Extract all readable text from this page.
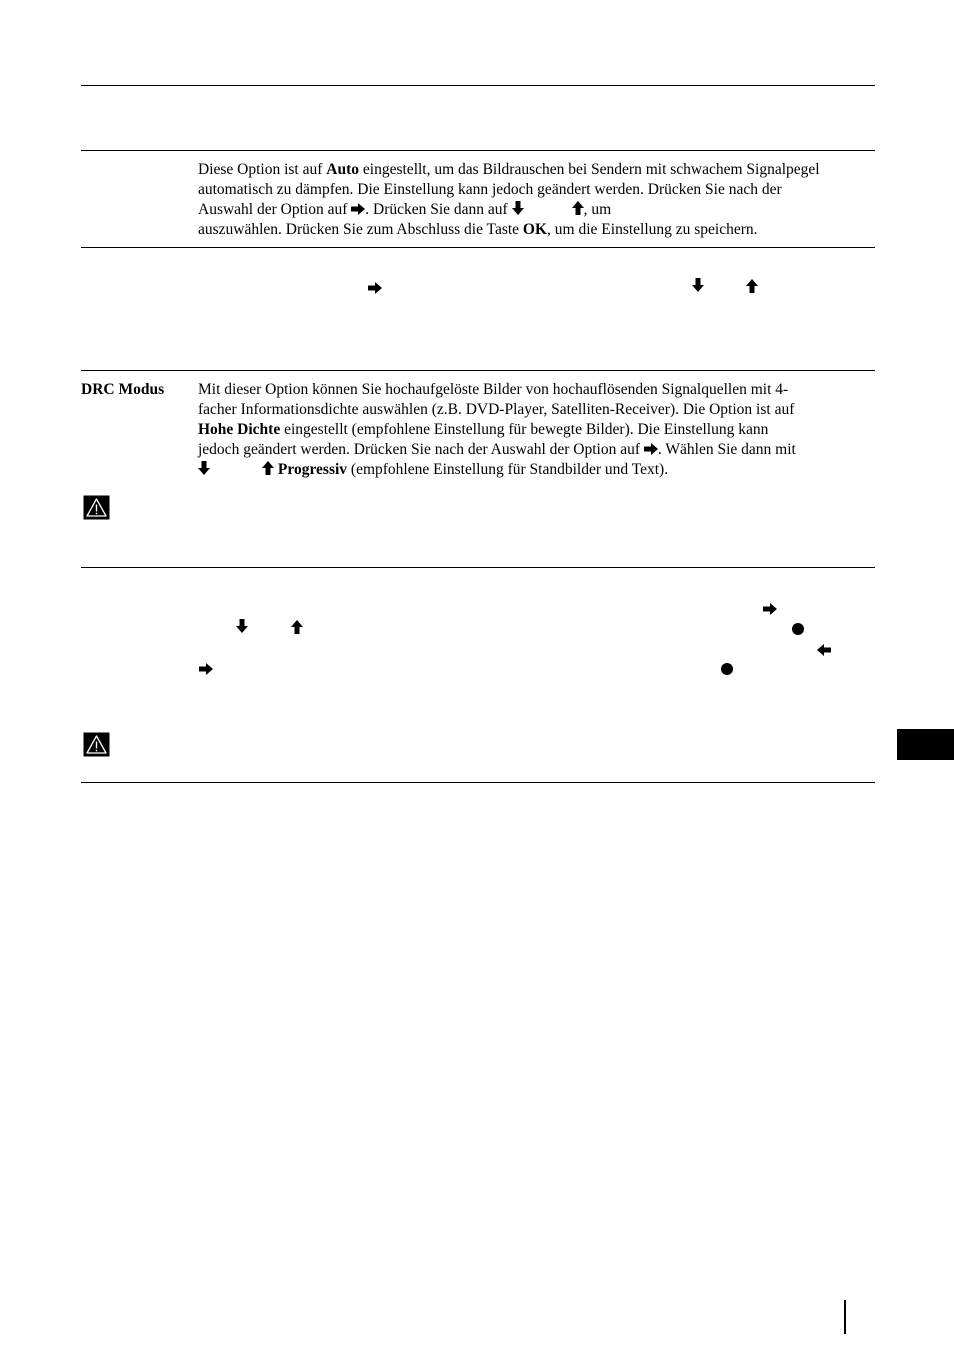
Diese Option ist auf Auto eingestellt, um das Bildrauschen bei Sendern mit schwachem Signalpegel
automatisch zu dämpfen. Die Einstellung kann jedoch geändert werden. Drücken Sie nach der
Auswahl der Option auf . Drücken Sie dann auf	, um
auszuwählen. Drücken Sie zum Abschluss die Taste OK, um die Einstellung zu speichern.
DRC Modus Mit dieser Option können Sie hochaufgelöste Bilder von hochauflösenden Signalquellen mit 4-
facher Informationsdichte auswählen (z.B. DVD-Player, Satelliten-Receiver). Die Option ist auf
Hohe Dichte eingestellt (empfohlene Einstellung für bewegte Bilder). Die Einstellung kann
jedoch geändert werden. Drücken Sie nach der Auswahl der Option auf . Wählen Sie dann mit
Progressiv (empfohlene Einstellung für Standbilder und Text).
